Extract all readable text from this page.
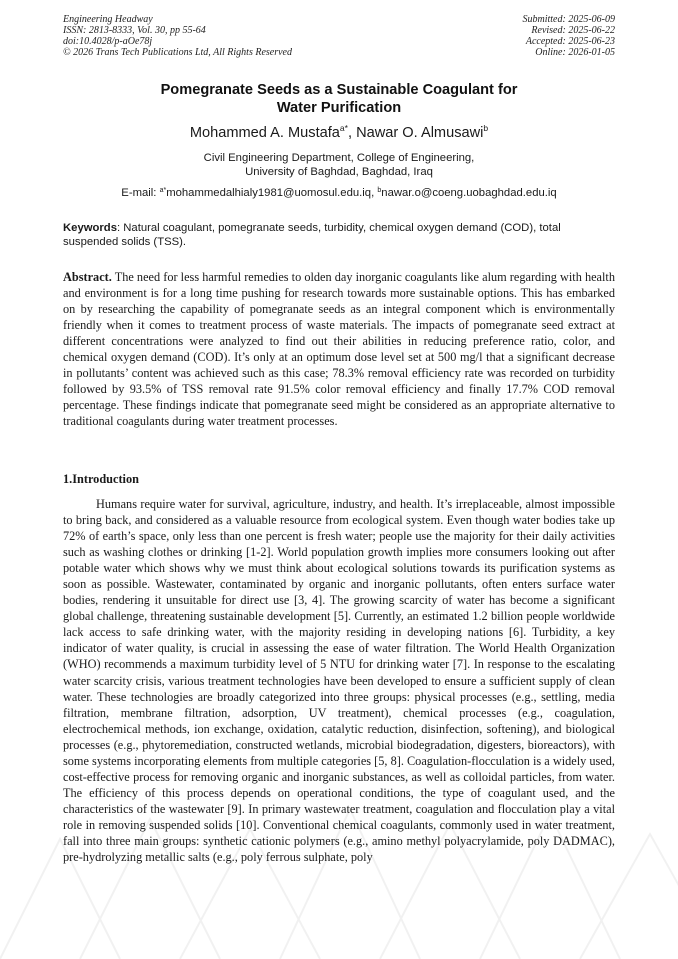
Engineering Headway
ISSN: 2813-8333, Vol. 30, pp 55-64
doi:10.4028/p-aOe78j
© 2026 Trans Tech Publications Ltd, All Rights Reserved
Submitted: 2025-06-09
Revised: 2025-06-22
Accepted: 2025-06-23
Online: 2026-01-05
Pomegranate Seeds as a Sustainable Coagulant for
Water Purification
Mohammed A. Mustafa$^{a*}$, Nawar O. Almusawi$^b$
Civil Engineering Department, College of Engineering,
University of Baghdad, Baghdad, Iraq
E-mail: $^{a*}$mohammedalhialy1981@uomosul.edu.iq, $^b$nawar.o@coeng.uobaghdad.edu.iq
Keywords: Natural coagulant, pomegranate seeds, turbidity, chemical oxygen demand (COD), total suspended solids (TSS).
Abstract. The need for less harmful remedies to olden day inorganic coagulants like alum regarding with health and environment is for a long time pushing for research towards more sustainable options. This has embarked on by researching the capability of pomegranate seeds as an integral component which is environmentally friendly when it comes to treatment process of waste materials. The impacts of pomegranate seed extract at different concentrations were analyzed to find out their abilities in reducing preference ratio, color, and chemical oxygen demand (COD). It’s only at an optimum dose level set at 500 mg/l that a significant decrease in pollutants’ content was achieved such as this case; 78.3% removal efficiency rate was recorded on turbidity followed by 93.5% of TSS removal rate 91.5% color removal efficiency and finally 17.7% COD removal percentage. These findings indicate that pomegranate seed might be considered as an appropriate alternative to traditional coagulants during water treatment processes.
1.Introduction
Humans require water for survival, agriculture, industry, and health. It’s irreplaceable, almost impossible to bring back, and considered as a valuable resource from ecological system. Even though water bodies take up 72% of earth’s space, only less than one percent is fresh water; people use the majority for their daily activities such as washing clothes or drinking [1-2]. World population growth implies more consumers looking out after potable water which shows why we must think about ecological solutions towards its purification systems as soon as possible. Wastewater, contaminated by organic and inorganic pollutants, often enters surface water bodies, rendering it unsuitable for direct use [3, 4]. The growing scarcity of water has become a significant global challenge, threatening sustainable development [5]. Currently, an estimated 1.2 billion people worldwide lack access to safe drinking water, with the majority residing in developing nations [6]. Turbidity, a key indicator of water quality, is crucial in assessing the ease of water filtration. The World Health Organization (WHO) recommends a maximum turbidity level of 5 NTU for drinking water [7]. In response to the escalating water scarcity crisis, various treatment technologies have been developed to ensure a sufficient supply of clean water. These technologies are broadly categorized into three groups: physical processes (e.g., settling, media filtration, membrane filtration, adsorption, UV treatment), chemical processes (e.g., coagulation, electrochemical methods, ion exchange, oxidation, catalytic reduction, disinfection, softening), and biological processes (e.g., phytoremediation, constructed wetlands, microbial biodegradation, digesters, bioreactors), with some systems incorporating elements from multiple categories [5, 8]. Coagulation-flocculation is a widely used, cost-effective process for removing organic and inorganic substances, as well as colloidal particles, from water. The efficiency of this process depends on operational conditions, the type of coagulant used, and the characteristics of the wastewater [9]. In primary wastewater treatment, coagulation and flocculation play a vital role in removing suspended solids [10]. Conventional chemical coagulants, commonly used in water treatment, fall into three main groups: synthetic cationic polymers (e.g., amino methyl polyacrylamide, poly DADMAC), pre-hydrolyzing metallic salts (e.g., poly ferrous sulphate, poly
